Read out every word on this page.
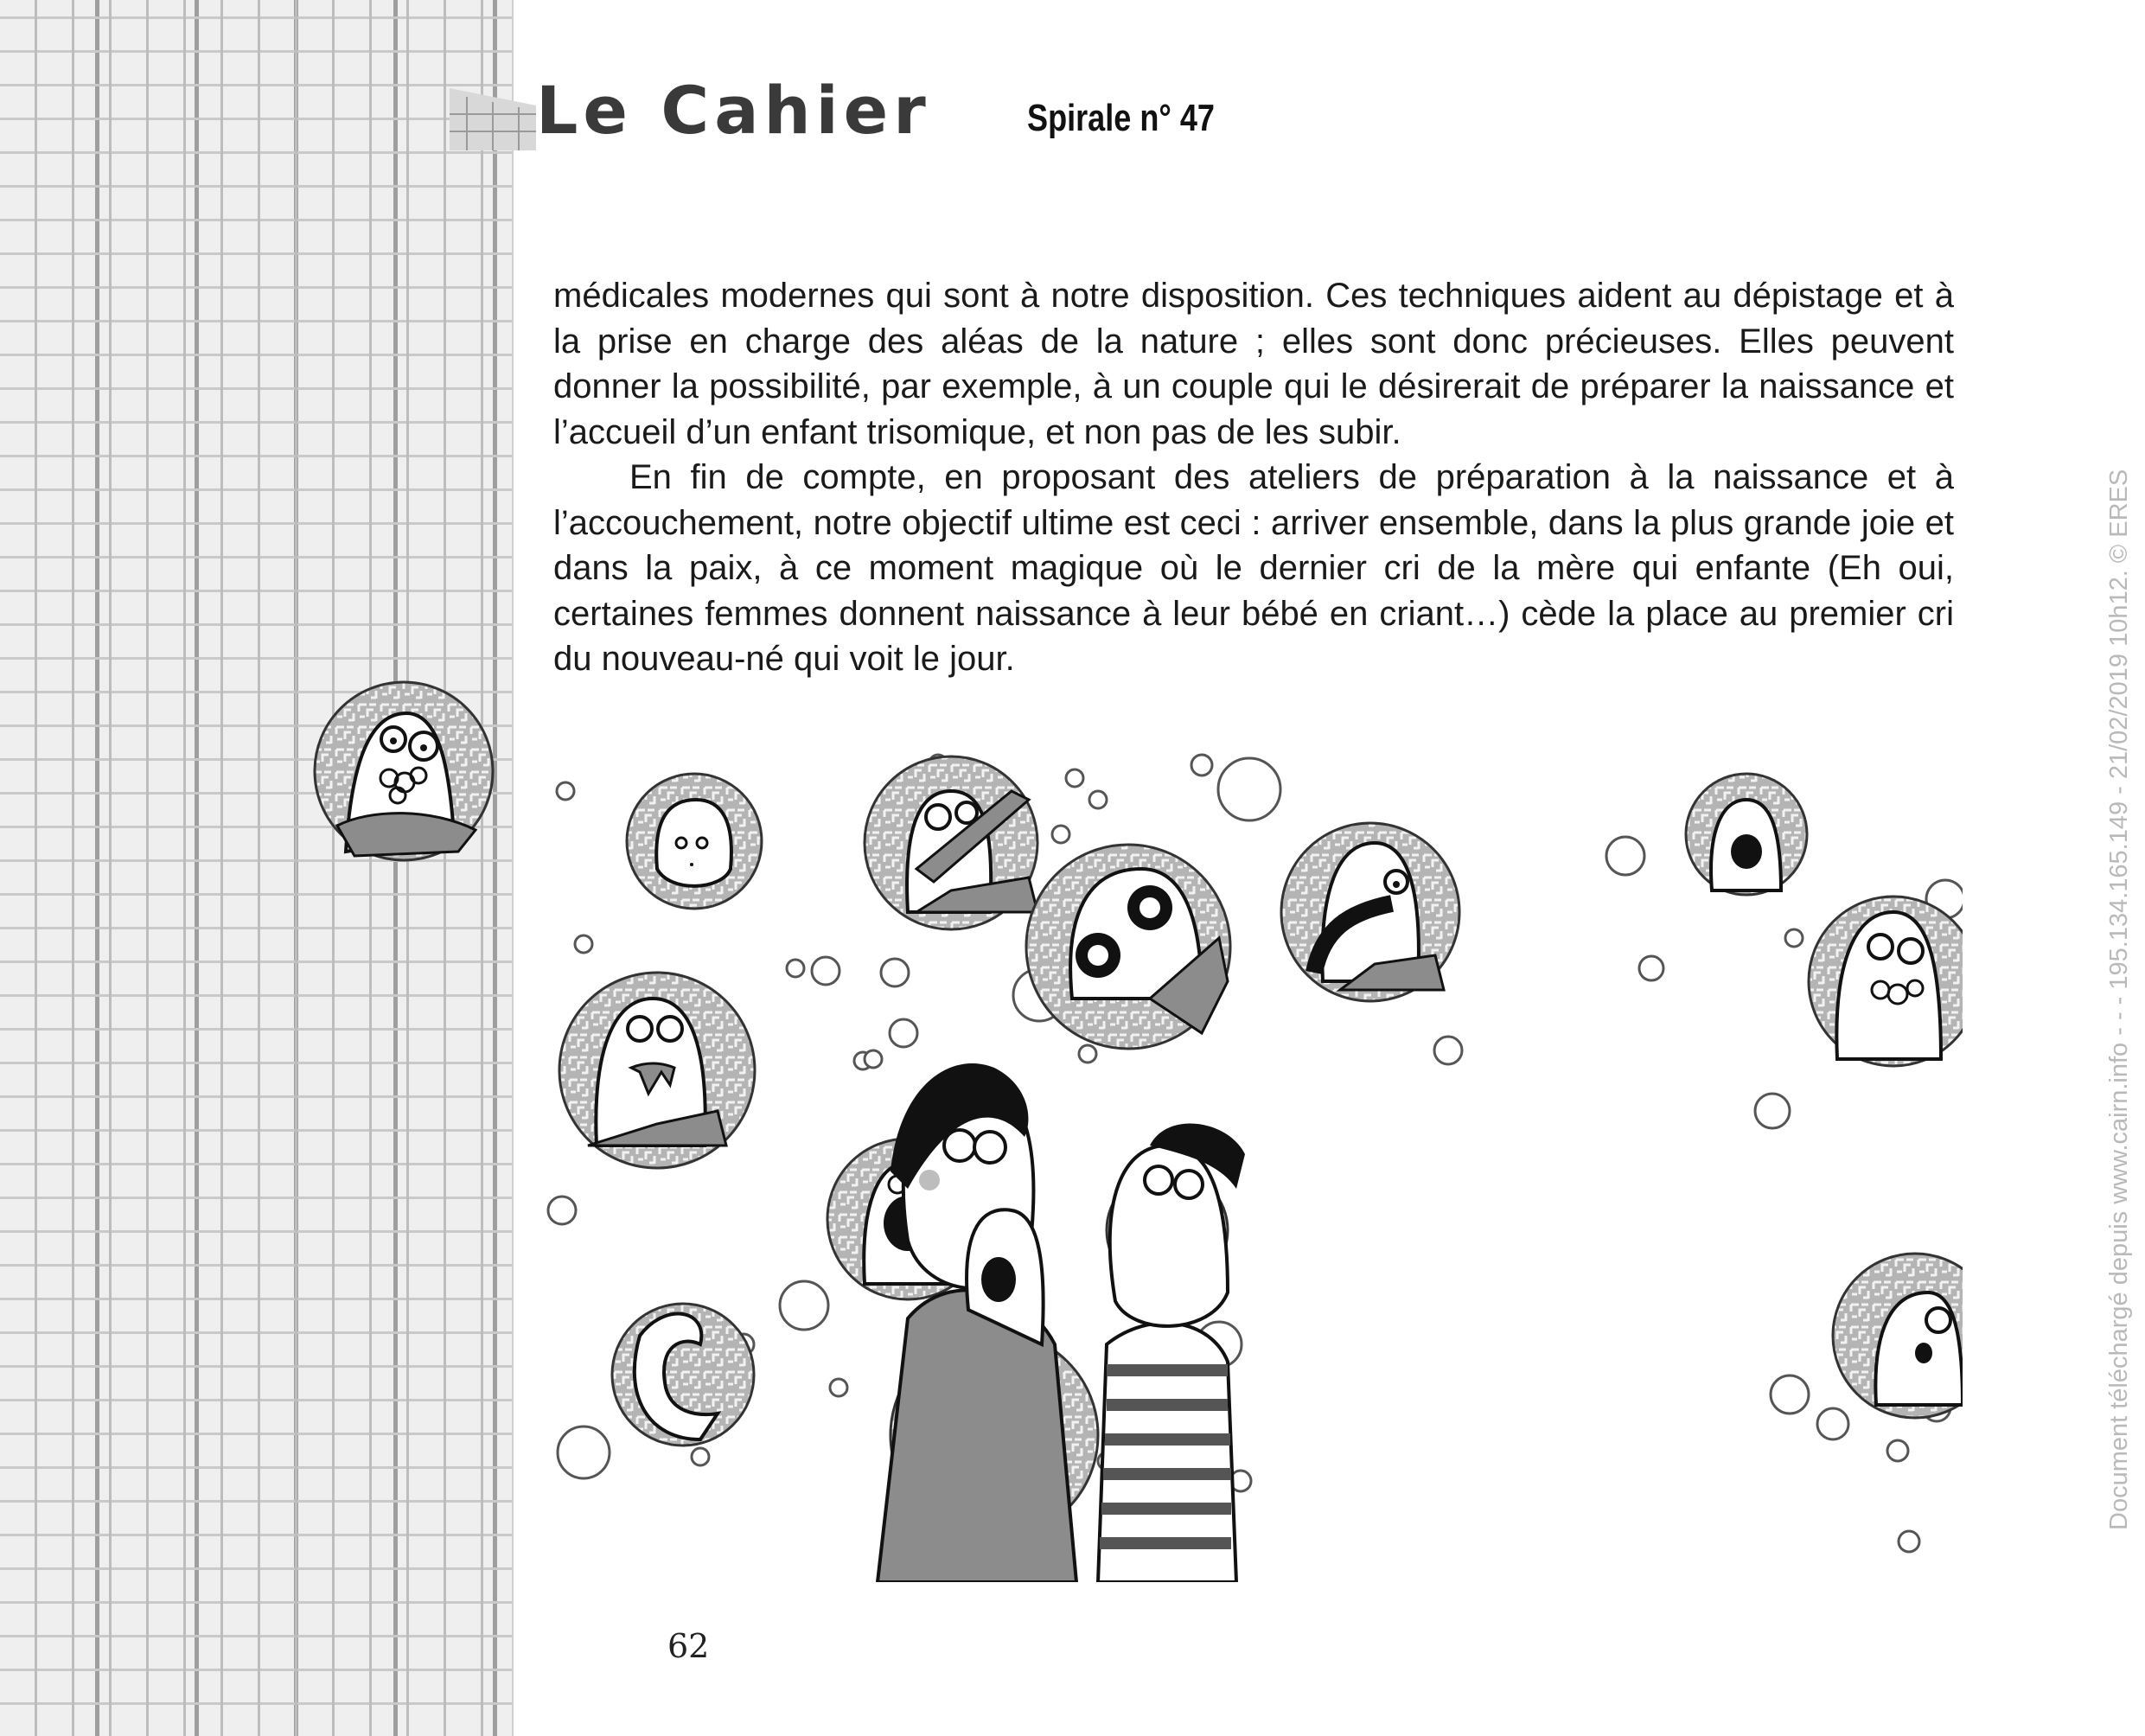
Le Cahier	Spirale n° 47

médicales modernes qui sont à notre disposition. Ces techniques aident au dépistage et à la prise en charge des aléas de la nature ; elles sont donc précieuses. Elles peuvent donner la possibilité, par exemple, à un couple qui le désirerait de préparer la naissance et l’accueil d’un enfant trisomique, et non pas de les subir.

En fin de compte, en proposant des ateliers de préparation à la naissance et à l’accouchement, notre objectif ultime est ceci : arriver ensemble, dans la plus grande joie et dans la paix, à ce moment magique où le dernier cri de la mère qui enfante (Eh oui, certaines femmes donnent naissance à leur bébé en criant…) cède la place au premier cri du nouveau-né qui voit le jour.

62
Document téléchargé depuis www.cairn.info - - - 195.134.165.149 - 21/02/2019 10h12. © ERES
